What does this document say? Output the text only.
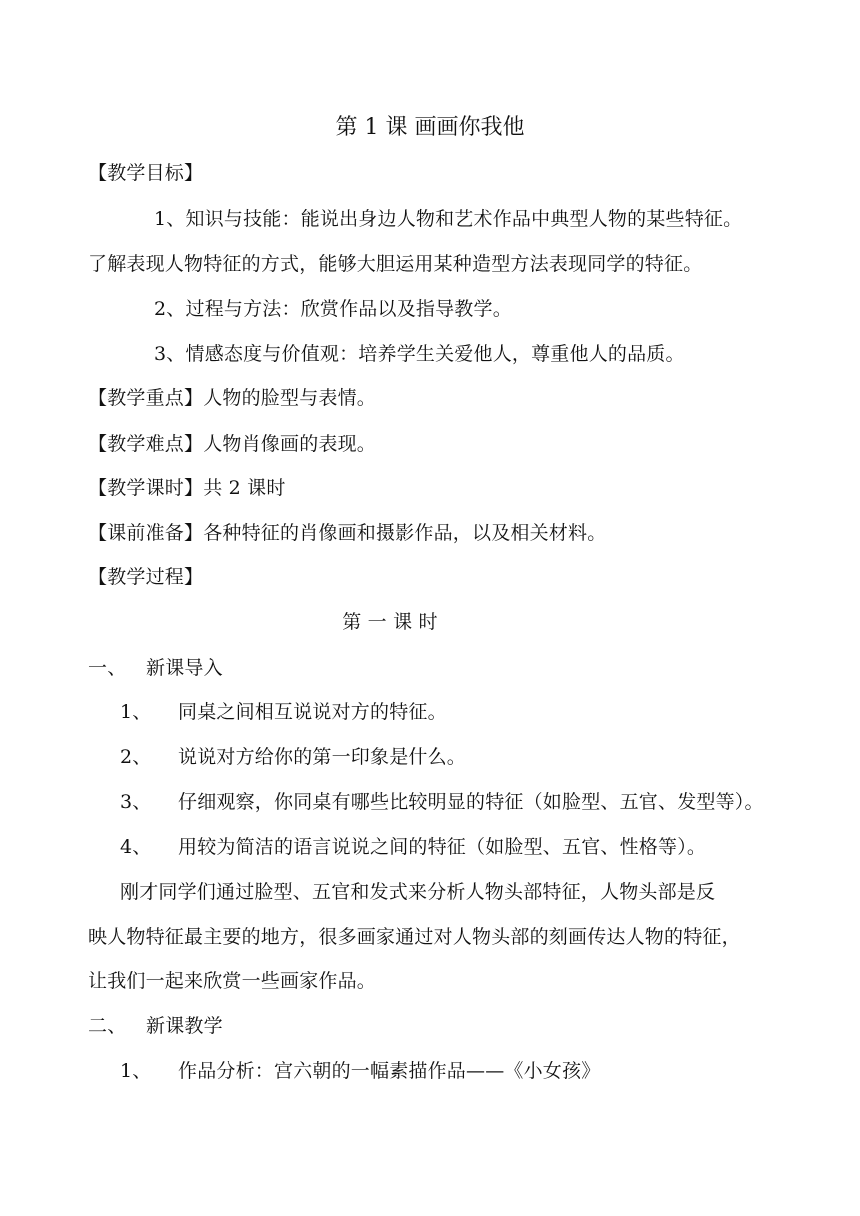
第 1 课 画画你我他
【教学目标】
1、知识与技能：能说出身边人物和艺术作品中典型人物的某些特征。
了解表现人物特征的方式，能够大胆运用某种造型方法表现同学的特征。
2、过程与方法：欣赏作品以及指导教学。
3、情感态度与价值观：培养学生关爱他人，尊重他人的品质。
【教学重点】人物的脸型与表情。
【教学难点】人物肖像画的表现。
【教学课时】共 2 课时
【课前准备】各种特征的肖像画和摄影作品，以及相关材料。
【教学过程】
第 一 课 时
一、 新课导入
1、 同桌之间相互说说对方的特征。
2、 说说对方给你的第一印象是什么。
3、 仔细观察，你同桌有哪些比较明显的特征（如脸型、五官、发型等）。
4、 用较为简洁的语言说说之间的特征（如脸型、五官、性格等）。
刚才同学们通过脸型、五官和发式来分析人物头部特征，人物头部是反
映人物特征最主要的地方，很多画家通过对人物头部的刻画传达人物的特征，
让我们一起来欣赏一些画家作品。
二、 新课教学
1、 作品分析：宫六朝的一幅素描作品——《小女孩》
